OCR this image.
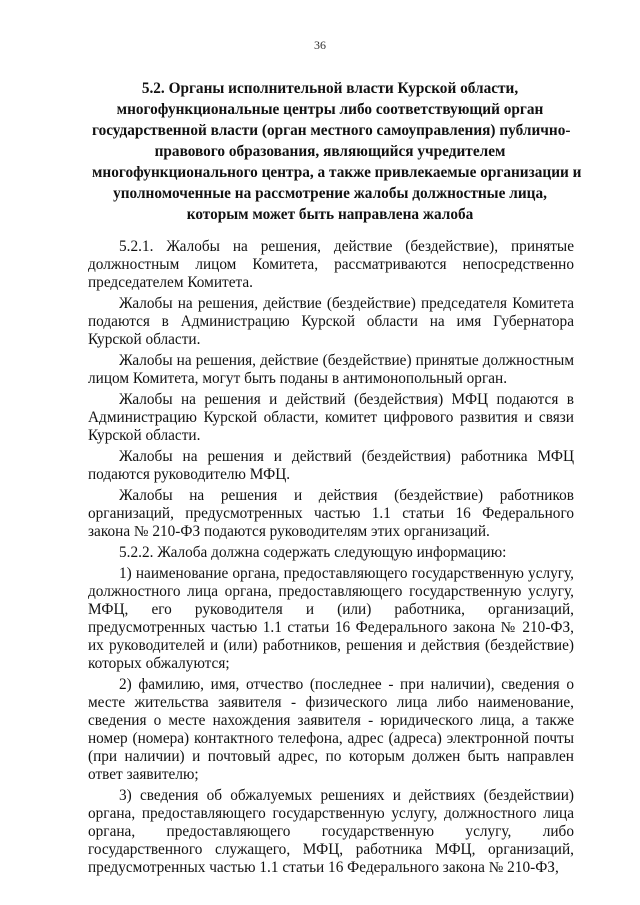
36
5.2. Органы исполнительной власти Курской области,
многофункциональные центры либо соответствующий орган
государственной власти (орган местного самоуправления) публично-
правового образования, являющийся учредителем
многофункционального центра, а также привлекаемые организации и
уполномоченные на рассмотрение жалобы должностные лица,
которым может быть направлена жалоба

5.2.1. Жалобы на решения, действие (бездействие), принятые должностным лицом Комитета, рассматриваются непосредственно председателем Комитета.

Жалобы на решения, действие (бездействие) председателя Комитета подаются в Администрацию Курской области на имя Губернатора Курской области.

Жалобы на решения, действие (бездействие) принятые должностным лицом Комитета, могут быть поданы в антимонопольный орган.

Жалобы на решения и действий (бездействия) МФЦ подаются в Администрацию Курской области, комитет цифрового развития и связи Курской области.

Жалобы на решения и действий (бездействия) работника МФЦ подаются руководителю МФЦ.

Жалобы на решения и действия (бездействие) работников организаций, предусмотренных частью 1.1 статьи 16 Федерального закона № 210-ФЗ подаются руководителям этих организаций.

5.2.2. Жалоба должна содержать следующую информацию:

1) наименование органа, предоставляющего государственную услугу, должностного лица органа, предоставляющего государственную услугу, МФЦ, его руководителя и (или) работника, организаций, предусмотренных частью 1.1 статьи 16 Федерального закона № 210-ФЗ, их руководителей и (или) работников, решения и действия (бездействие) которых обжалуются;

2) фамилию, имя, отчество (последнее - при наличии), сведения о месте жительства заявителя - физического лица либо наименование, сведения о месте нахождения заявителя - юридического лица, а также номер (номера) контактного телефона, адрес (адреса) электронной почты (при наличии) и почтовый адрес, по которым должен быть направлен ответ заявителю;

3) сведения об обжалуемых решениях и действиях (бездействии) органа, предоставляющего государственную услугу, должностного лица органа, предоставляющего государственную услугу, либо государственного служащего, МФЦ, работника МФЦ, организаций, предусмотренных частью 1.1 статьи 16 Федерального закона № 210-ФЗ,
